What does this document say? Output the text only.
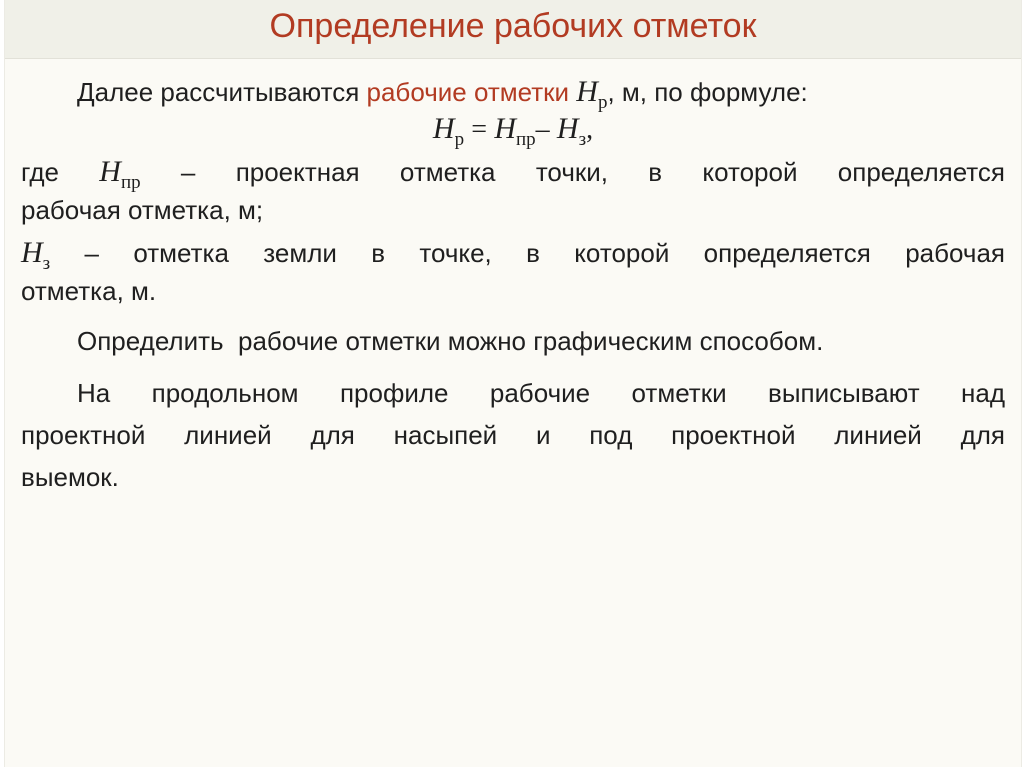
Определение рабочих отметок
Далее рассчитываются рабочие отметки $H_р$, м, по формуле:
$H_р = H_{пр}-$ $H_з$,
где $H_{пр}$ – проектная отметка точки, в которой определяется
рабочая отметка, м;
$H_з$ – отметка земли в точке, в которой определяется рабочая
отметка, м.
Определить  рабочие отметки можно графическим способом.
На продольном профиле рабочие отметки выписывают над
проектной линией для насыпей и под проектной линией для
выемок.
